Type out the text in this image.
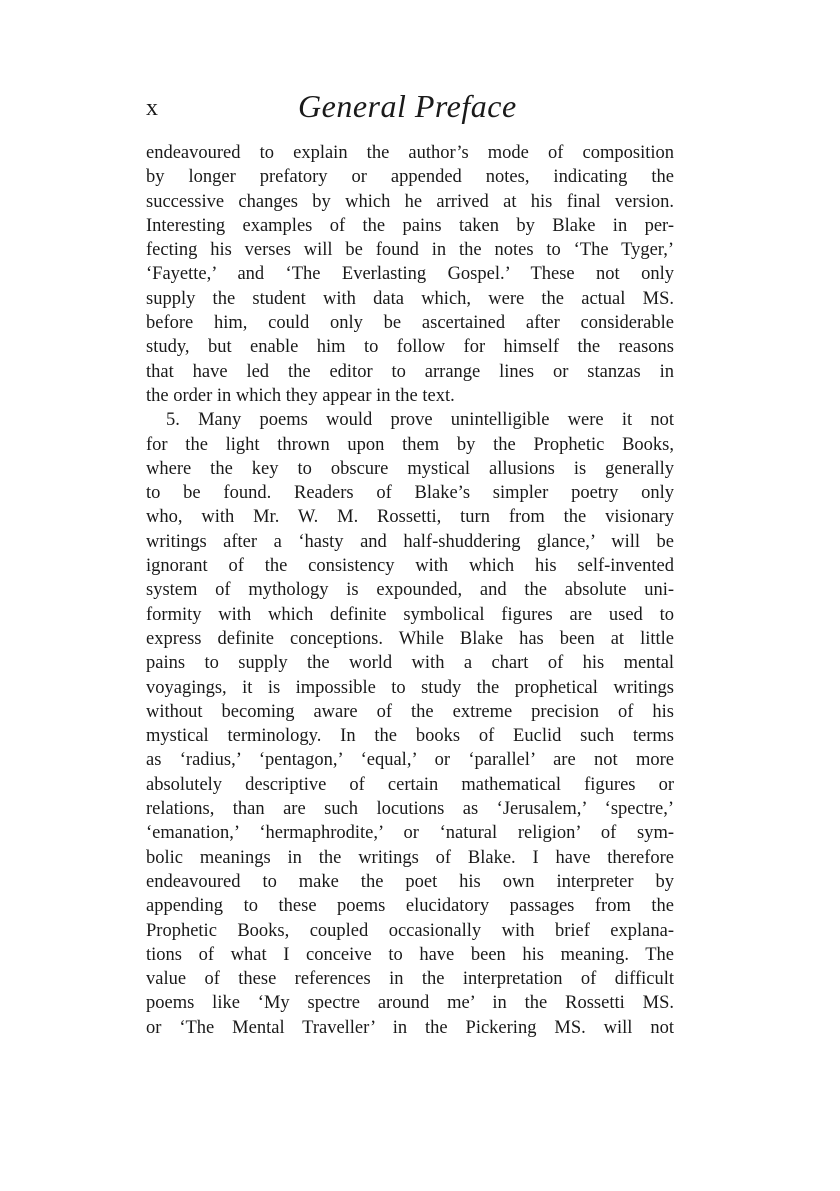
x	General Preface
endeavoured to explain the author’s mode of composition
by longer prefatory or appended notes, indicating the
successive changes by which he arrived at his final version.
Interesting examples of the pains taken by Blake in per-
fecting his verses will be found in the notes to ‘The Tyger,’
‘Fayette,’ and ‘The Everlasting Gospel.’ These not only
supply the student with data which, were the actual MS.
before him, could only be ascertained after considerable
study, but enable him to follow for himself the reasons
that have led the editor to arrange lines or stanzas in
the order in which they appear in the text.
5. Many poems would prove unintelligible were it not
for the light thrown upon them by the Prophetic Books,
where the key to obscure mystical allusions is generally
to be found. Readers of Blake’s simpler poetry only
who, with Mr. W. M. Rossetti, turn from the visionary
writings after a ‘hasty and half-shuddering glance,’ will be
ignorant of the consistency with which his self-invented
system of mythology is expounded, and the absolute uni-
formity with which definite symbolical figures are used to
express definite conceptions. While Blake has been at little
pains to supply the world with a chart of his mental
voyagings, it is impossible to study the prophetical writings
without becoming aware of the extreme precision of his
mystical terminology. In the books of Euclid such terms
as ‘radius,’ ‘pentagon,’ ‘equal,’ or ‘parallel’ are not more
absolutely descriptive of certain mathematical figures or
relations, than are such locutions as ‘Jerusalem,’ ‘spectre,’
‘emanation,’ ‘hermaphrodite,’ or ‘natural religion’ of sym-
bolic meanings in the writings of Blake. I have therefore
endeavoured to make the poet his own interpreter by
appending to these poems elucidatory passages from the
Prophetic Books, coupled occasionally with brief explana-
tions of what I conceive to have been his meaning. The
value of these references in the interpretation of difficult
poems like ‘My spectre around me’ in the Rossetti MS.
or ‘The Mental Traveller’ in the Pickering MS. will not
